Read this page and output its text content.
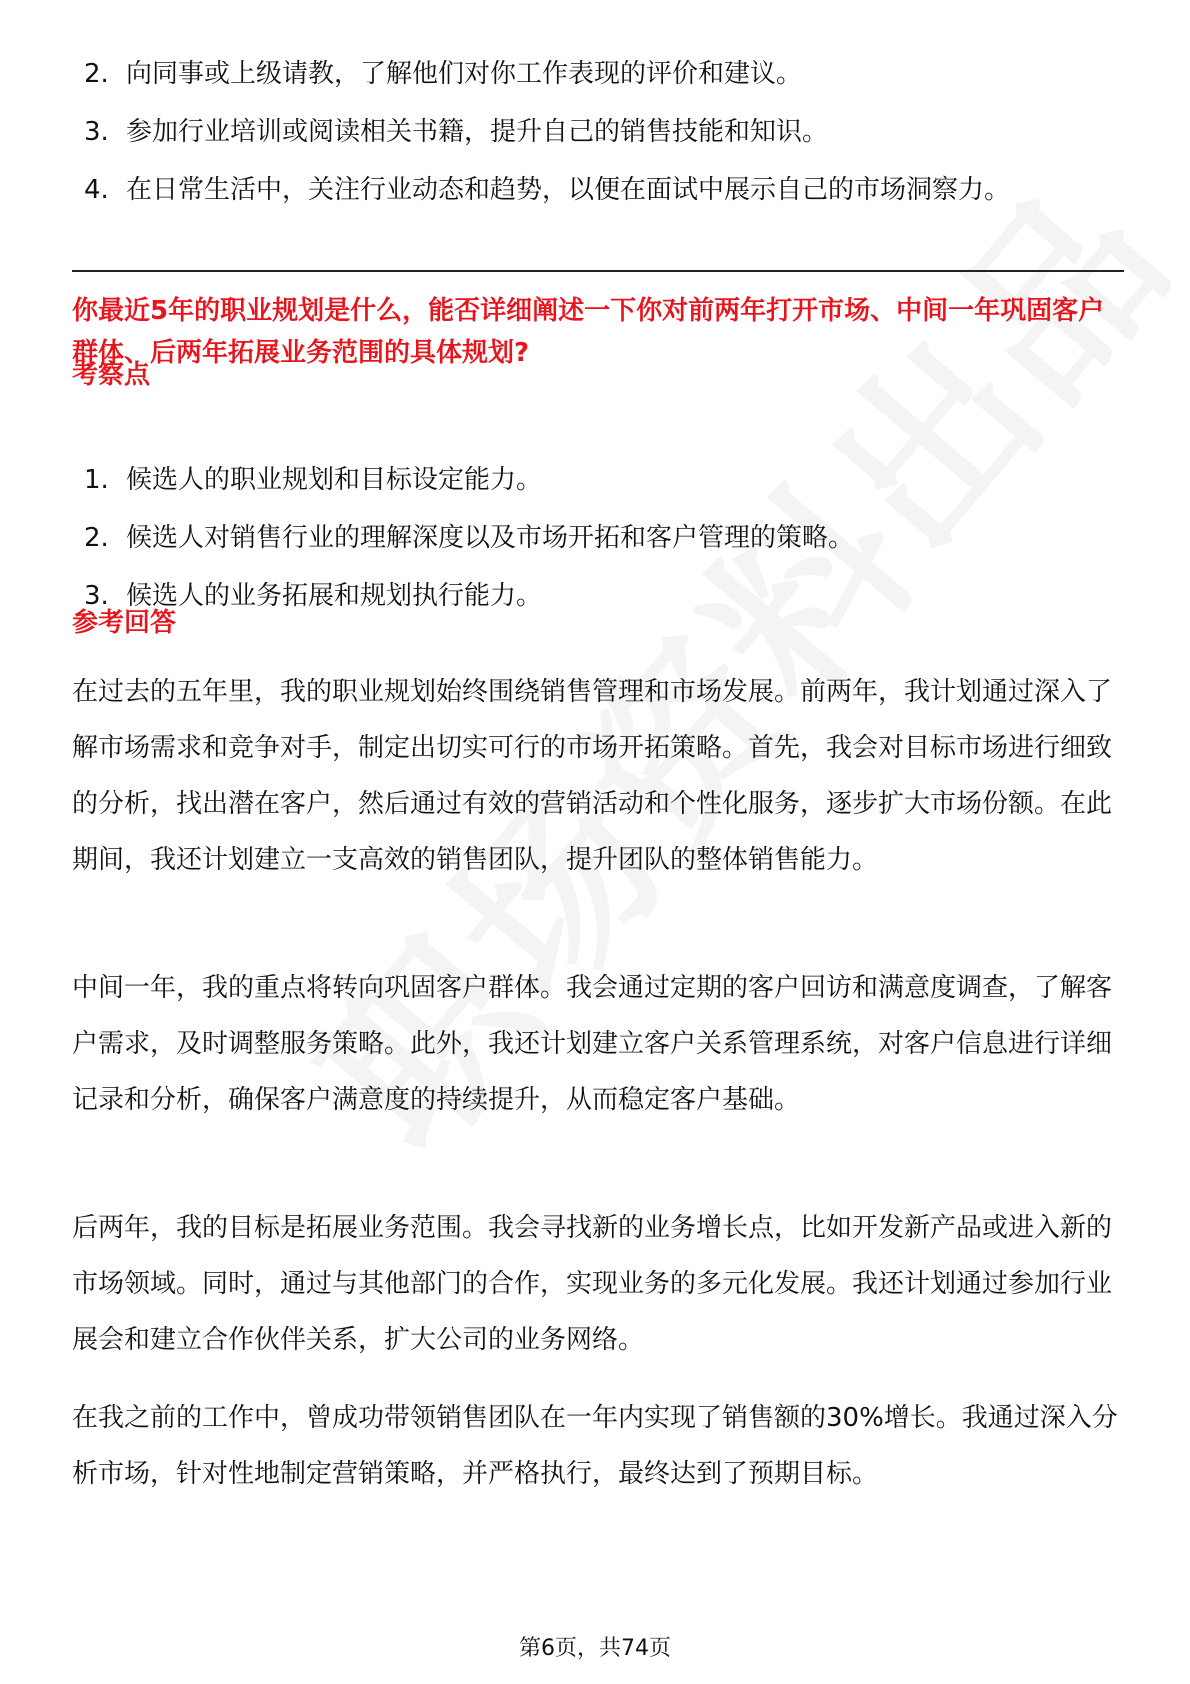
2. 向同事或上级请教，了解他们对你工作表现的评价和建议。
3. 参加行业培训或阅读相关书籍，提升自己的销售技能和知识。
4. 在日常生活中，关注行业动态和趋势，以便在面试中展示自己的市场洞察力。
你最近5年的职业规划是什么，能否详细阐述一下你对前两年打开市场、中间一年巩固客户群体、后两年拓展业务范围的具体规划?
考察点
1. 候选人的职业规划和目标设定能力。
2. 候选人对销售行业的理解深度以及市场开拓和客户管理的策略。
3. 候选人的业务拓展和规划执行能力。
参考回答
在过去的五年里，我的职业规划始终围绕销售管理和市场发展。前两年，我计划通过深入了解市场需求和竞争对手，制定出切实可行的市场开拓策略。首先，我会对目标市场进行细致的分析，找出潜在客户，然后通过有效的营销活动和个性化服务，逐步扩大市场份额。在此期间，我还计划建立一支高效的销售团队，提升团队的整体销售能力。
中间一年，我的重点将转向巩固客户群体。我会通过定期的客户回访和满意度调查，了解客户需求，及时调整服务策略。此外，我还计划建立客户关系管理系统，对客户信息进行详细记录和分析，确保客户满意度的持续提升，从而稳定客户基础。
后两年，我的目标是拓展业务范围。我会寻找新的业务增长点，比如开发新产品或进入新的市场领域。同时，通过与其他部门的合作，实现业务的多元化发展。我还计划通过参加行业展会和建立合作伙伴关系，扩大公司的业务网络。
在我之前的工作中，曾成功带领销售团队在一年内实现了销售额的30%增长。我通过深入分析市场，针对性地制定营销策略，并严格执行，最终达到了预期目标。
第6页，共74页
